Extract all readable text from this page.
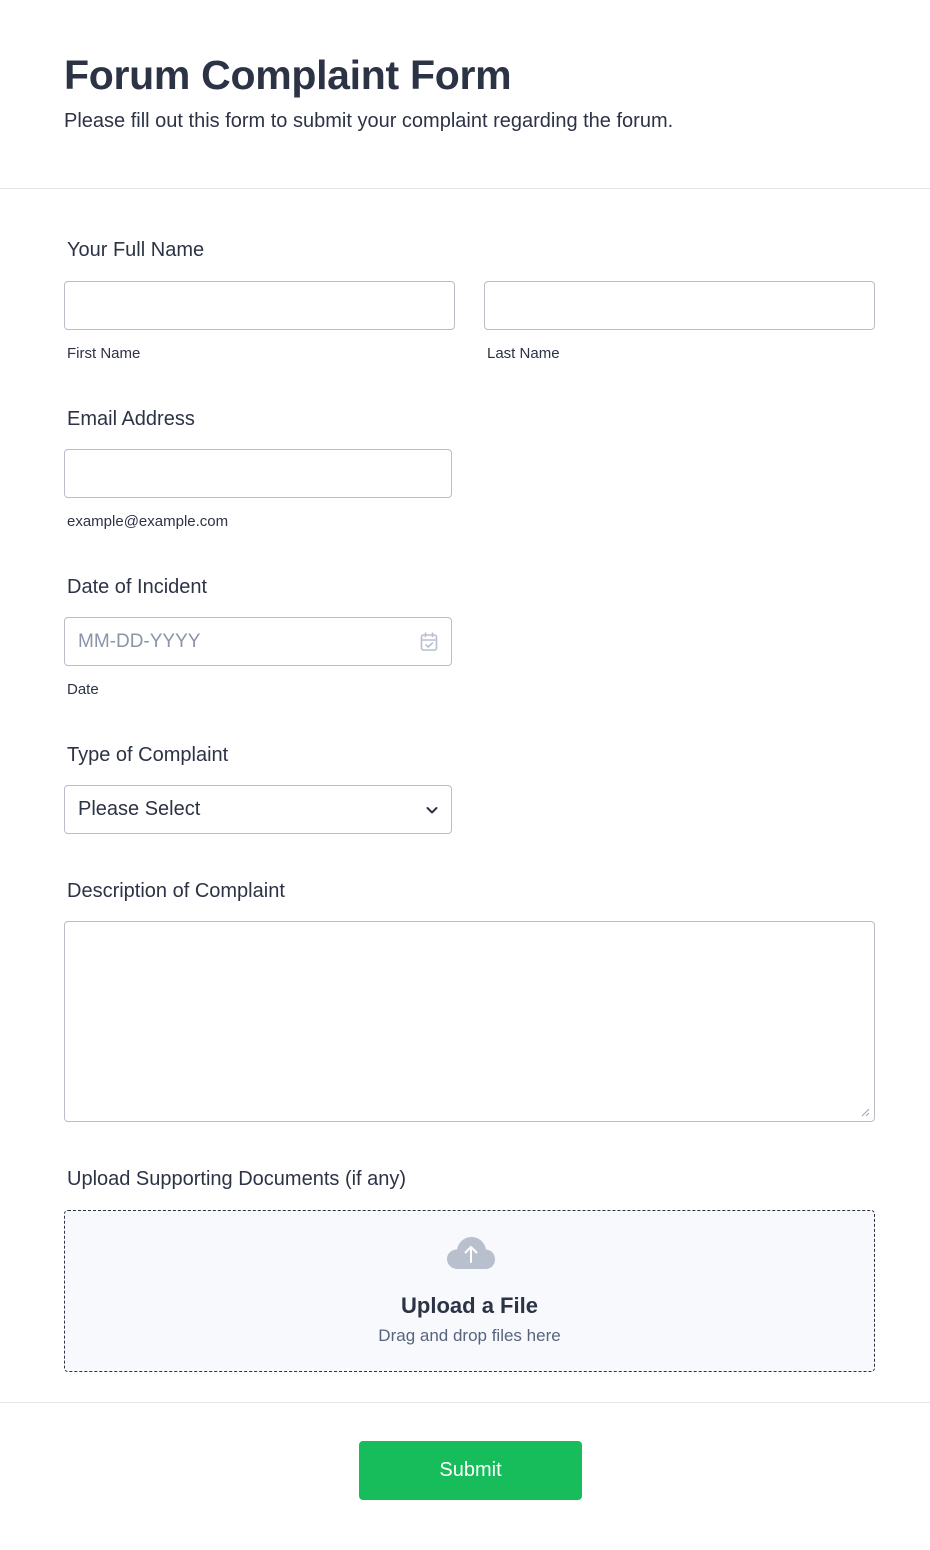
Forum Complaint Form
Please fill out this form to submit your complaint regarding the forum.
Your Full Name
First Name	Last Name
Email Address
example@example.com
Date of Incident
MM-DD-YYYY
Date
Type of Complaint
Please Select
Description of Complaint
Upload Supporting Documents (if any)
Upload a File
Drag and drop files here
Submit
